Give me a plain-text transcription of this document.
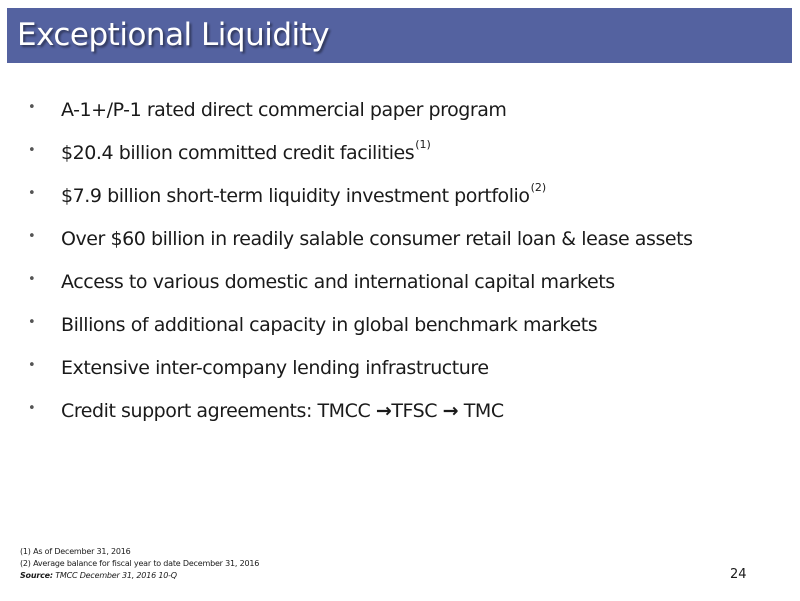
Exceptional Liquidity
• A-1+/P-1 rated direct commercial paper program
• $20.4 billion committed credit facilities$^{(1)}$
• $7.9 billion short-term liquidity investment portfolio$^{(2)}$
• Over $60 billion in readily salable consumer retail loan & lease assets
• Access to various domestic and international capital markets
• Billions of additional capacity in global benchmark markets
• Extensive inter-company lending infrastructure
• Credit support agreements: TMCC →TFSC → TMC
(1) As of December 31, 2016
(2) Average balance for fiscal year to date December 31, 2016
Source: TMCC December 31, 2016 10-Q	24
